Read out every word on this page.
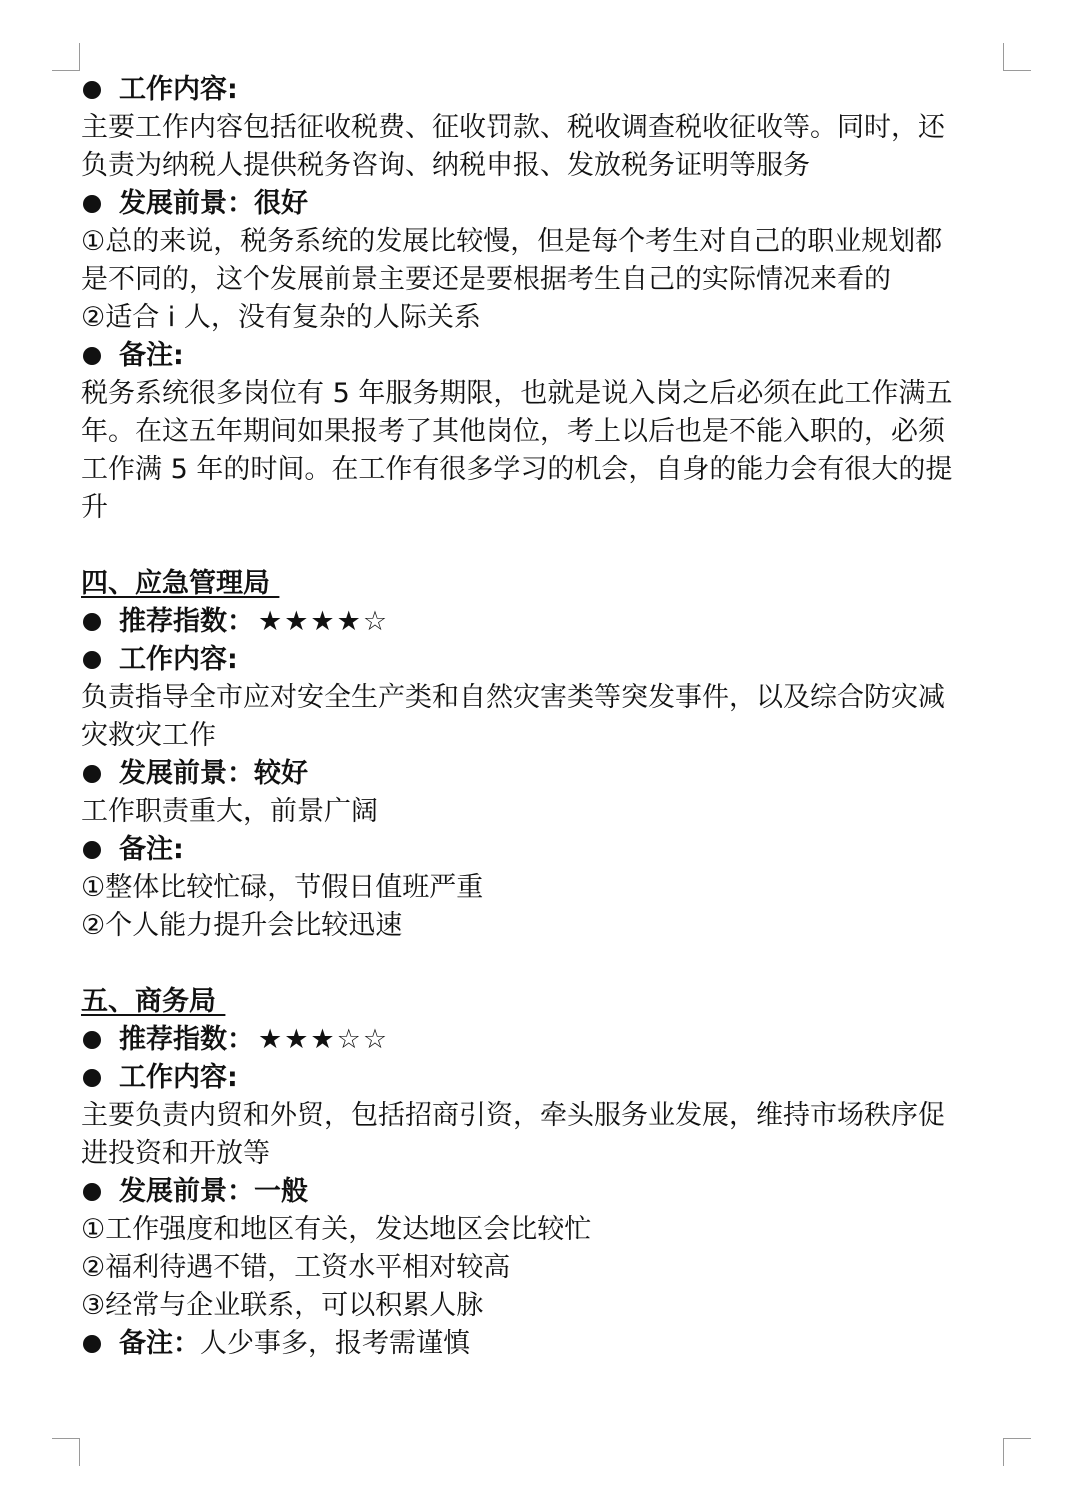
工作内容:
主要工作内容包括征收税费、征收罚款、税收调查税收征收等。同时，还
负责为纳税人提供税务咨询、纳税申报、发放税务证明等服务
发展前景： 很好
①总的来说，税务系统的发展比较慢，但是每个考生对自己的职业规划都
是不同的，这个发展前景主要还是要根据考生自己的实际情况来看的
②适合 i 人，没有复杂的人际关系
备注:
税务系统很多岗位有 5 年服务期限，也就是说入岗之后必须在此工作满五
年。在这五年期间如果报考了其他岗位，考上以后也是不能入职的，必须
工作满 5 年的时间。在工作有很多学习的机会，自身的能力会有很大的提
升
四、应急管理局
推荐指数： ★★★★☆
工作内容:
负责指导全市应对安全生产类和自然灾害类等突发事件，以及综合防灾减
灾救灾工作
发展前景： 较好
工作职责重大，前景广阔
备注:
①整体比较忙碌，节假日值班严重
②个人能力提升会比较迅速
五、商务局
推荐指数： ★★★☆☆
工作内容:
主要负责内贸和外贸，包括招商引资，牵头服务业发展，维持市场秩序促
进投资和开放等
发展前景： 一般
①工作强度和地区有关，发达地区会比较忙
②福利待遇不错，工资水平相对较高
③经常与企业联系，可以积累人脉
备注： 人少事多，报考需谨慎
